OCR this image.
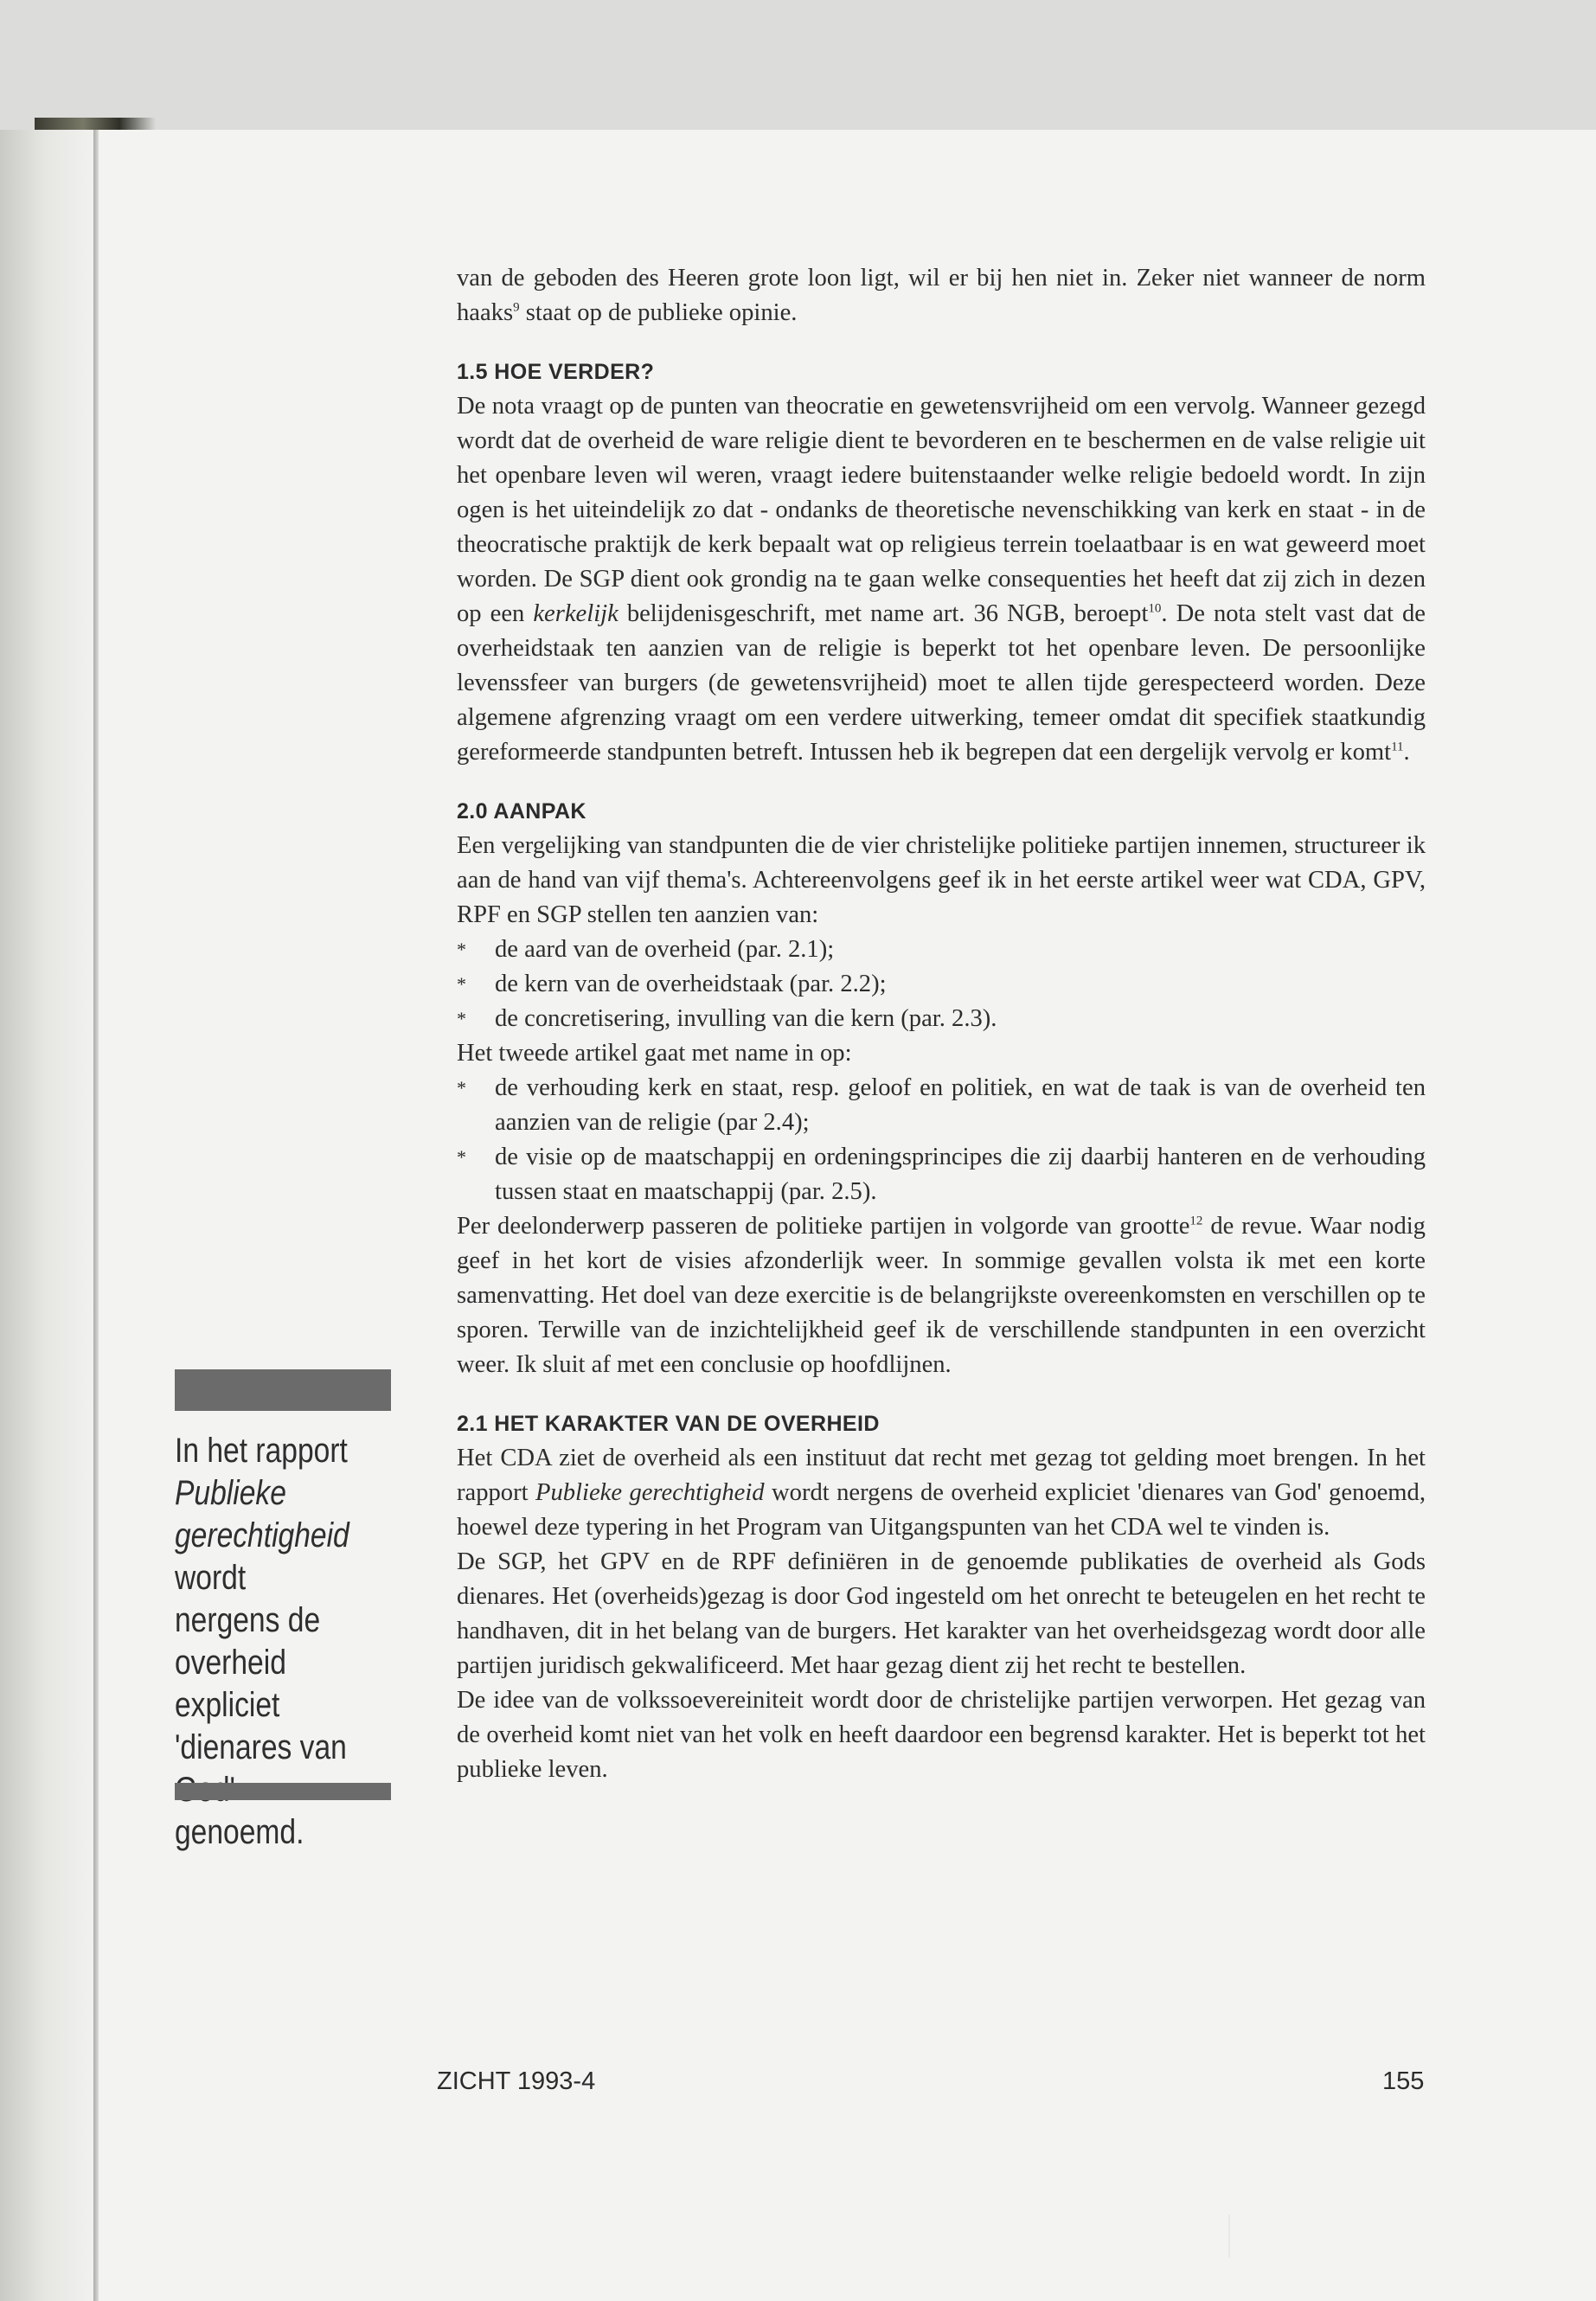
van de geboden des Heeren grote loon ligt, wil er bij hen niet in. Zeker niet wanneer de norm haaks$^9$ staat op de publieke opinie.

1.5 HOE VERDER?

De nota vraagt op de punten van theocratie en gewetensvrijheid om een vervolg. Wanneer gezegd wordt dat de overheid de ware religie dient te bevorderen en te beschermen en de valse religie uit het openbare leven wil weren, vraagt iedere buitenstaander welke religie bedoeld wordt. In zijn ogen is het uiteindelijk zo dat - ondanks de theoretische nevenschikking van kerk en staat - in de theocratische praktijk de kerk bepaalt wat op religieus terrein toelaatbaar is en wat geweerd moet worden. De SGP dient ook grondig na te gaan welke consequenties het heeft dat zij zich in dezen op een kerkelijk belijdenisgeschrift, met name art. 36 NGB, beroept$^{10}$. De nota stelt vast dat de overheidstaak ten aanzien van de religie is beperkt tot het openbare leven. De persoonlijke levenssfeer van burgers (de gewetensvrijheid) moet te allen tijde gerespecteerd worden. Deze algemene afgrenzing vraagt om een verdere uitwerking, temeer omdat dit specifiek staatkundig gereformeerde standpunten betreft. Intussen heb ik begrepen dat een dergelijk vervolg er komt$^{11}$.

2.0 AANPAK

Een vergelijking van standpunten die de vier christelijke politieke partijen innemen, structureer ik aan de hand van vijf thema's. Achtereenvolgens geef ik in het eerste artikel weer wat CDA, GPV, RPF en SGP stellen ten aanzien van:

*	de aard van de overheid (par. 2.1);
*	de kern van de overheidstaak (par. 2.2);
*	de concretisering, invulling van die kern (par. 2.3).

Het tweede artikel gaat met name in op:

*	de verhouding kerk en staat, resp. geloof en politiek, en wat de taak is van de overheid ten aanzien van de religie (par 2.4);
*	de visie op de maatschappij en ordeningsprincipes die zij daarbij hanteren en de verhouding tussen staat en maatschappij (par. 2.5).

Per deelonderwerp passeren de politieke partijen in volgorde van grootte$^{12}$ de revue. Waar nodig geef in het kort de visies afzonderlijk weer. In sommige gevallen volsta ik met een korte samenvatting. Het doel van deze exercitie is de belangrijkste overeenkomsten en verschillen op te sporen. Terwille van de inzichtelijkheid geef ik de verschillende standpunten in een overzicht weer. Ik sluit af met een conclusie op hoofdlijnen.

2.1 HET KARAKTER VAN DE OVERHEID

Het CDA ziet de overheid als een instituut dat recht met gezag tot gelding moet brengen. In het rapport Publieke gerechtigheid wordt nergens de overheid expliciet 'dienares van God' genoemd, hoewel deze typering in het Program van Uitgangspunten van het CDA wel te vinden is.

De SGP, het GPV en de RPF definiëren in de genoemde publikaties de overheid als Gods dienares. Het (overheids)gezag is door God ingesteld om het onrecht te beteugelen en het recht te handhaven, dit in het belang van de burgers. Het karakter van het overheidsgezag wordt door alle partijen juridisch gekwalificeerd. Met haar gezag dient zij het recht te bestellen.

De idee van de volkssoevereiniteit wordt door de christelijke partijen verworpen. Het gezag van de overheid komt niet van het volk en heeft daardoor een begrensd karakter. Het is beperkt tot het publieke leven.

In het rapport

Publieke gerechtigheid

wordt nergens de overheid expliciet 'dienares van genoemd.

ZICHT 1993-4	155
